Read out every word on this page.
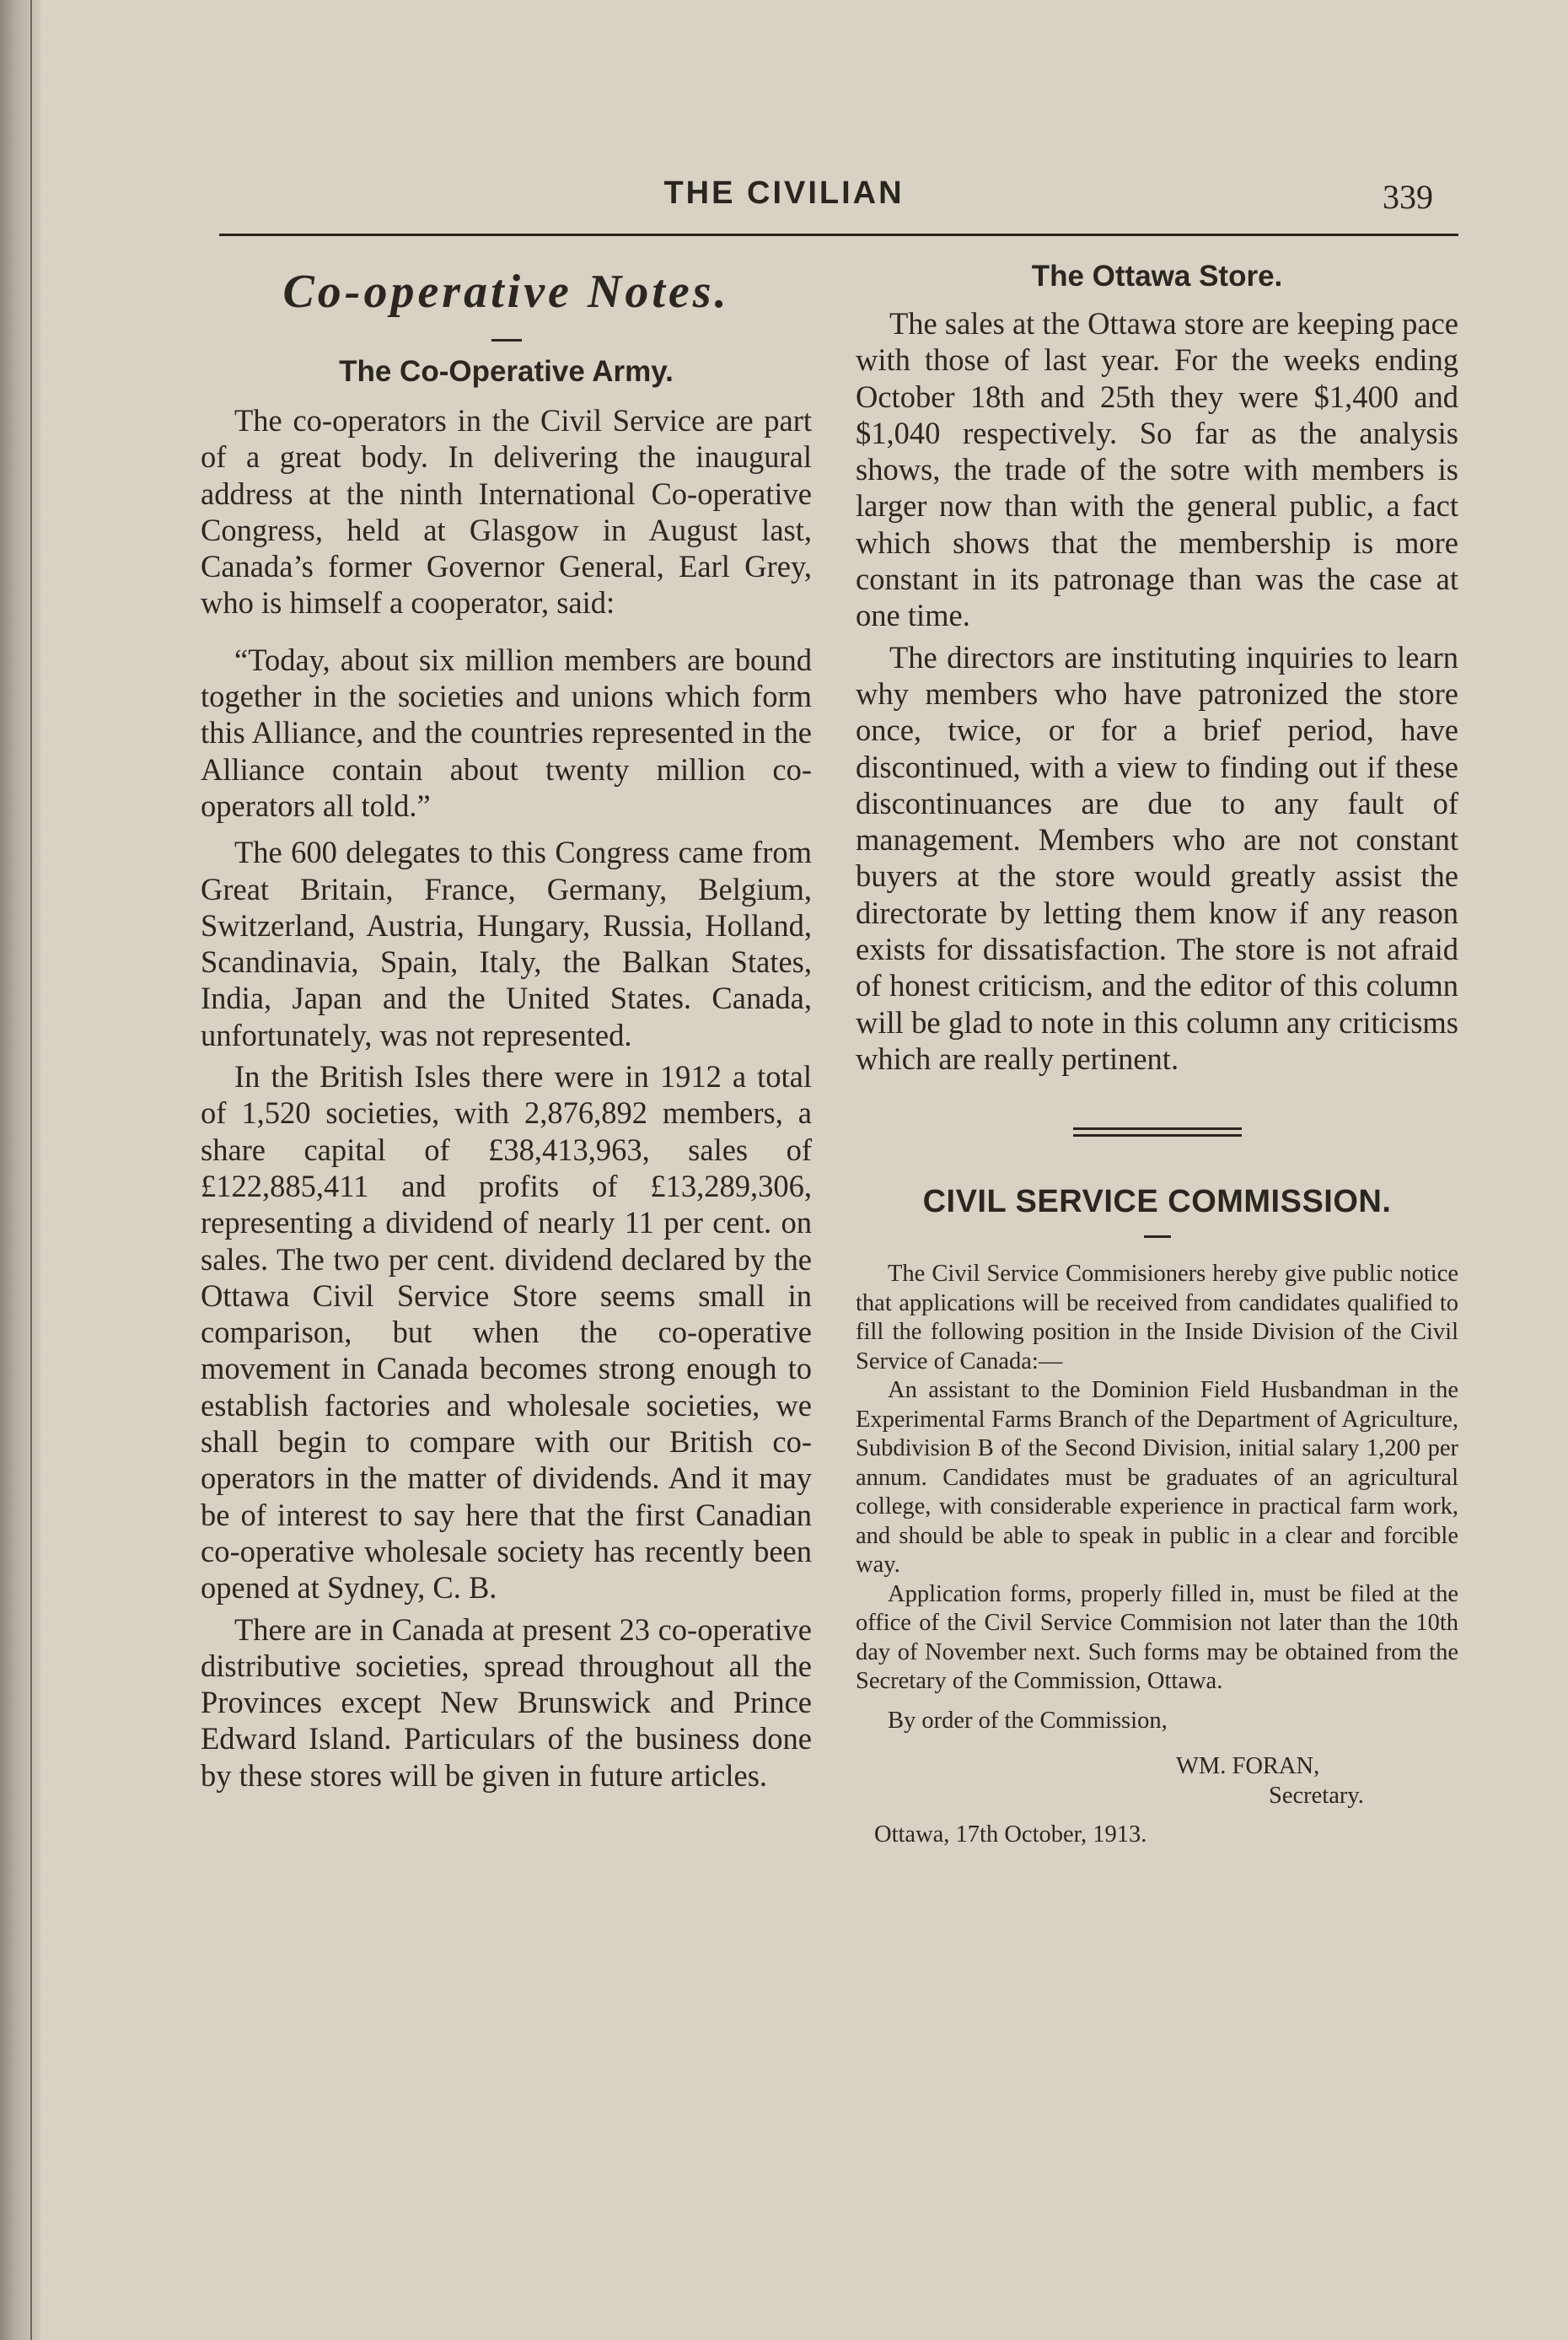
THE CIVILIAN	339
Co-operative Notes.
The Co-Operative Army.

The co-operators in the Civil Service are part of a great body. In delivering the inaugural address at the ninth International Co-operative Congress, held at Glasgow in August last, Canada’s former Governor General, Earl Grey, who is himself a cooperator, said:

“Today, about six million members are bound together in the societies and unions which form this Alliance, and the countries represented in the Alliance contain about twenty million co-operators all told.”

The 600 delegates to this Congress came from Great Britain, France, Germany, Belgium, Switzerland, Austria, Hungary, Russia, Holland, Scandinavia, Spain, Italy, the Balkan States, India, Japan and the United States. Canada, unfortunately, was not represented.

In the British Isles there were in 1912 a total of 1,520 societies, with 2,876,892 members, a share capital of £38,413,963, sales of £122,885,411 and profits of £13,289,306, representing a dividend of nearly 11 per cent. on sales. The two per cent. dividend declared by the Ottawa Civil Service Store seems small in comparison, but when the co-operative movement in Canada becomes strong enough to establish factories and wholesale societies, we shall begin to compare with our British co-operators in the matter of dividends. And it may be of interest to say here that the first Canadian co-operative wholesale society has recently been opened at Sydney, C. B.

There are in Canada at present 23 co-operative distributive societies, spread throughout all the Provinces except New Brunswick and Prince Edward Island. Particulars of the business done by these stores will be given in future articles.

The Ottawa Store.

The sales at the Ottawa store are keeping pace with those of last year. For the weeks ending October 18th and 25th they were $1,400 and $1,040 respectively. So far as the analysis shows, the trade of the sotre with members is larger now than with the general public, a fact which shows that the membership is more constant in its patronage than was the case at one time.

The directors are instituting inquiries to learn why members who have patronized the store once, twice, or for a brief period, have discontinued, with a view to finding out if these discontinuances are due to any fault of management. Members who are not constant buyers at the store would greatly assist the directorate by letting them know if any reason exists for dissatisfaction. The store is not afraid of honest criticism, and the editor of this column will be glad to note in this column any criticisms which are really pertinent.

CIVIL SERVICE COMMISSION.

The Civil Service Commisioners hereby give public notice that applications will be received from candidates qualified to fill the following position in the Inside Division of the Civil Service of Canada:—

An assistant to the Dominion Field Husbandman in the Experimental Farms Branch of the Department of Agriculture, Subdivision B of the Second Division, initial salary 1,200 per annum. Candidates must be graduates of an agricultural college, with considerable experience in practical farm work, and should be able to speak in public in a clear and forcible way.

Application forms, properly filled in, must be filed at the office of the Civil Service Commision not later than the 10th day of November next. Such forms may be obtained from the Secretary of the Commission, Ottawa.

By order of the Commission,

WM. FORAN,
Secretary.
Ottawa, 17th October, 1913.
